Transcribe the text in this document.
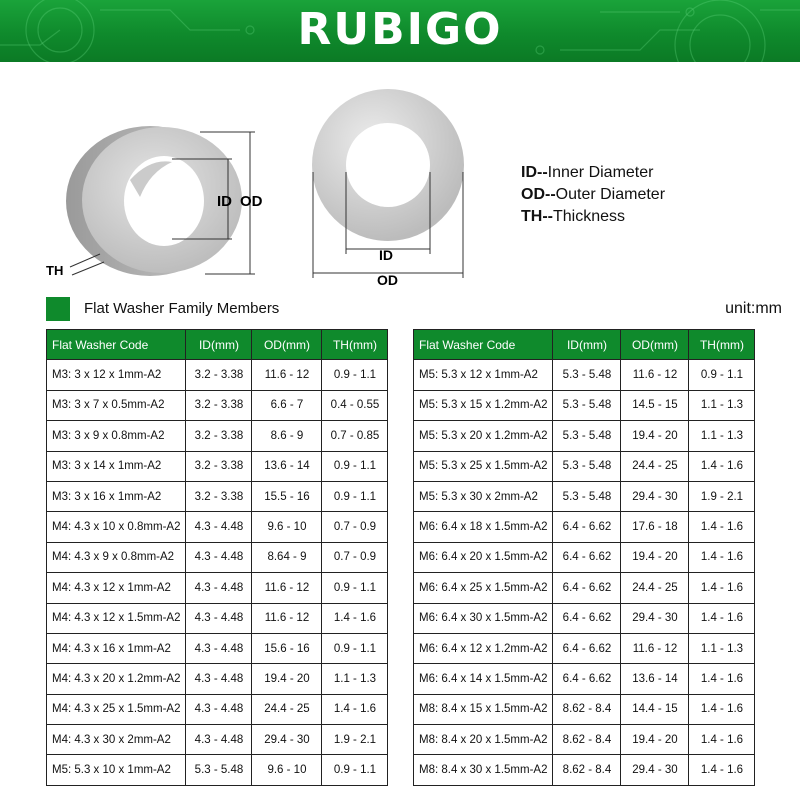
RUBIGO
ID OD
TH
ID
OD
ID--Inner Diameter
OD--Outer Diameter
TH--Thickness
Flat Washer Family Members	unit:mm
Flat Washer Code	ID(mm)	OD(mm)	TH(mm)
M3: 3 x 12 x 1mm-A2	3.2 - 3.38	11.6 - 12	0.9 - 1.1
M3: 3 x 7 x 0.5mm-A2	3.2 - 3.38	6.6 - 7	0.4 - 0.55
M3: 3 x 9 x 0.8mm-A2	3.2 - 3.38	8.6 - 9	0.7 - 0.85
M3: 3 x 14 x 1mm-A2	3.2 - 3.38	13.6 - 14	0.9 - 1.1
M3: 3 x 16 x 1mm-A2	3.2 - 3.38	15.5 - 16	0.9 - 1.1
M4: 4.3 x 10 x 0.8mm-A2	4.3 - 4.48	9.6 - 10	0.7 - 0.9
M4: 4.3 x 9 x 0.8mm-A2	4.3 - 4.48	8.64 - 9	0.7 - 0.9
M4: 4.3 x 12 x 1mm-A2	4.3 - 4.48	11.6 - 12	0.9 - 1.1
M4: 4.3 x 12 x 1.5mm-A2	4.3 - 4.48	11.6 - 12	1.4 - 1.6
M4: 4.3 x 16 x 1mm-A2	4.3 - 4.48	15.6 - 16	0.9 - 1.1
M4: 4.3 x 20 x 1.2mm-A2	4.3 - 4.48	19.4 - 20	1.1 - 1.3
M4: 4.3 x 25 x 1.5mm-A2	4.3 - 4.48	24.4 - 25	1.4 - 1.6
M4: 4.3 x 30 x 2mm-A2	4.3 - 4.48	29.4 - 30	1.9 - 2.1
M5: 5.3 x 10 x 1mm-A2	5.3 - 5.48	9.6 - 10	0.9 - 1.1
Flat Washer Code	ID(mm)	OD(mm)	TH(mm)
M5: 5.3 x 12 x 1mm-A2	5.3 - 5.48	11.6 - 12	0.9 - 1.1
M5: 5.3 x 15 x 1.2mm-A2	5.3 - 5.48	14.5 - 15	1.1 - 1.3
M5: 5.3 x 20 x 1.2mm-A2	5.3 - 5.48	19.4 - 20	1.1 - 1.3
M5: 5.3 x 25 x 1.5mm-A2	5.3 - 5.48	24.4 - 25	1.4 - 1.6
M5: 5.3 x 30 x 2mm-A2	5.3 - 5.48	29.4 - 30	1.9 - 2.1
M6: 6.4 x 18 x 1.5mm-A2	6.4 - 6.62	17.6 - 18	1.4 - 1.6
M6: 6.4 x 20 x 1.5mm-A2	6.4 - 6.62	19.4 - 20	1.4 - 1.6
M6: 6.4 x 25 x 1.5mm-A2	6.4 - 6.62	24.4 - 25	1.4 - 1.6
M6: 6.4 x 30 x 1.5mm-A2	6.4 - 6.62	29.4 - 30	1.4 - 1.6
M6: 6.4 x 12 x 1.2mm-A2	6.4 - 6.62	11.6 - 12	1.1 - 1.3
M6: 6.4 x 14 x 1.5mm-A2	6.4 - 6.62	13.6 - 14	1.4 - 1.6
M8: 8.4 x 15 x 1.5mm-A2	8.62 - 8.4	14.4 - 15	1.4 - 1.6
M8: 8.4 x 20 x 1.5mm-A2	8.62 - 8.4	19.4 - 20	1.4 - 1.6
M8: 8.4 x 30 x 1.5mm-A2	8.62 - 8.4	29.4 - 30	1.4 - 1.6
